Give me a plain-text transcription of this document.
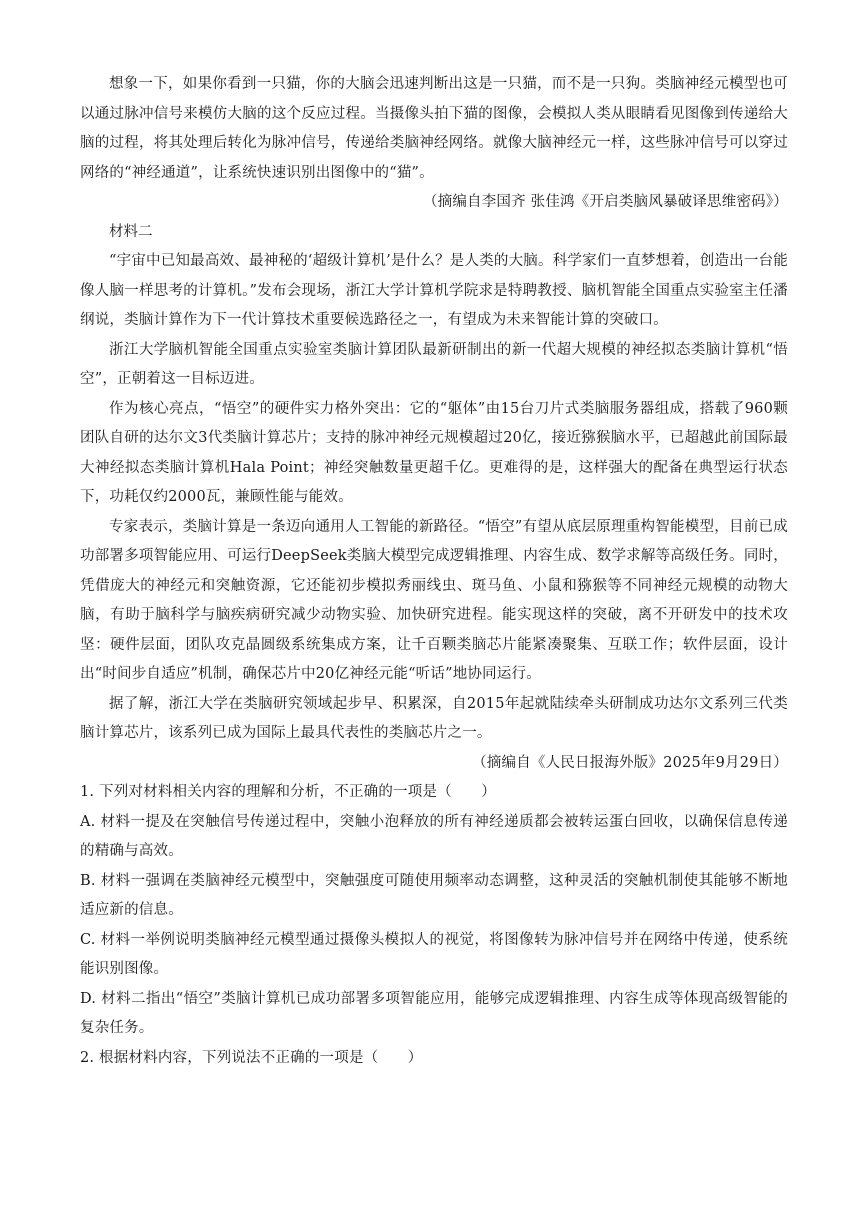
想象一下，如果你看到一只猫，你的大脑会迅速判断出这是一只猫，而不是一只狗。类脑神经元模型也可以通过脉冲信号来模仿大脑的这个反应过程。当摄像头拍下猫的图像，会模拟人类从眼睛看见图像到传递给大脑的过程，将其处理后转化为脉冲信号，传递给类脑神经网络。就像大脑神经元一样，这些脉冲信号可以穿过网络的“神经通道”，让系统快速识别出图像中的“猫”。

（摘编自李国齐 张佳鸿《开启类脑风暴破译思维密码》）

材料二

“宇宙中已知最高效、最神秘的‘超级计算机’是什么？是人类的大脑。科学家们一直梦想着，创造出一台能像人脑一样思考的计算机。”发布会现场，浙江大学计算机学院求是特聘教授、脑机智能全国重点实验室主任潘纲说，类脑计算作为下一代计算技术重要候选路径之一，有望成为未来智能计算的突破口。

浙江大学脑机智能全国重点实验室类脑计算团队最新研制出的新一代超大规模的神经拟态类脑计算机“悟空”，正朝着这一目标迈进。

作为核心亮点，“悟空”的硬件实力格外突出：它的“躯体”由15台刀片式类脑服务器组成，搭载了960颗团队自研的达尔文3代类脑计算芯片；支持的脉冲神经元规模超过20亿，接近猕猴脑水平，已超越此前国际最大神经拟态类脑计算机Hala Point；神经突触数量更超千亿。更难得的是，这样强大的配备在典型运行状态下，功耗仅约2000瓦，兼顾性能与能效。

专家表示，类脑计算是一条迈向通用人工智能的新路径。“悟空”有望从底层原理重构智能模型，目前已成功部署多项智能应用、可运行DeepSeek类脑大模型完成逻辑推理、内容生成、数学求解等高级任务。同时，凭借庞大的神经元和突触资源，它还能初步模拟秀丽线虫、斑马鱼、小鼠和猕猴等不同神经元规模的动物大脑，有助于脑科学与脑疾病研究减少动物实验、加快研究进程。能实现这样的突破，离不开研发中的技术攻坚：硬件层面，团队攻克晶圆级系统集成方案，让千百颗类脑芯片能紧凑聚集、互联工作；软件层面，设计出“时间步自适应”机制，确保芯片中20亿神经元能“听话”地协同运行。

据了解，浙江大学在类脑研究领域起步早、积累深，自2015年起就陆续牵头研制成功达尔文系列三代类脑计算芯片，该系列已成为国际上最具代表性的类脑芯片之一。

（摘编自《人民日报海外版》2025年9月29日）

1. 下列对材料相关内容的理解和分析，不正确的一项是（　　）

A. 材料一提及在突触信号传递过程中，突触小泡释放的所有神经递质都会被转运蛋白回收，以确保信息传递的精确与高效。

B. 材料一强调在类脑神经元模型中，突触强度可随使用频率动态调整，这种灵活的突触机制使其能够不断地适应新的信息。

C. 材料一举例说明类脑神经元模型通过摄像头模拟人的视觉，将图像转为脉冲信号并在网络中传递，使系统能识别图像。

D. 材料二指出“悟空”类脑计算机已成功部署多项智能应用，能够完成逻辑推理、内容生成等体现高级智能的复杂任务。

2. 根据材料内容，下列说法不正确的一项是（　　）
